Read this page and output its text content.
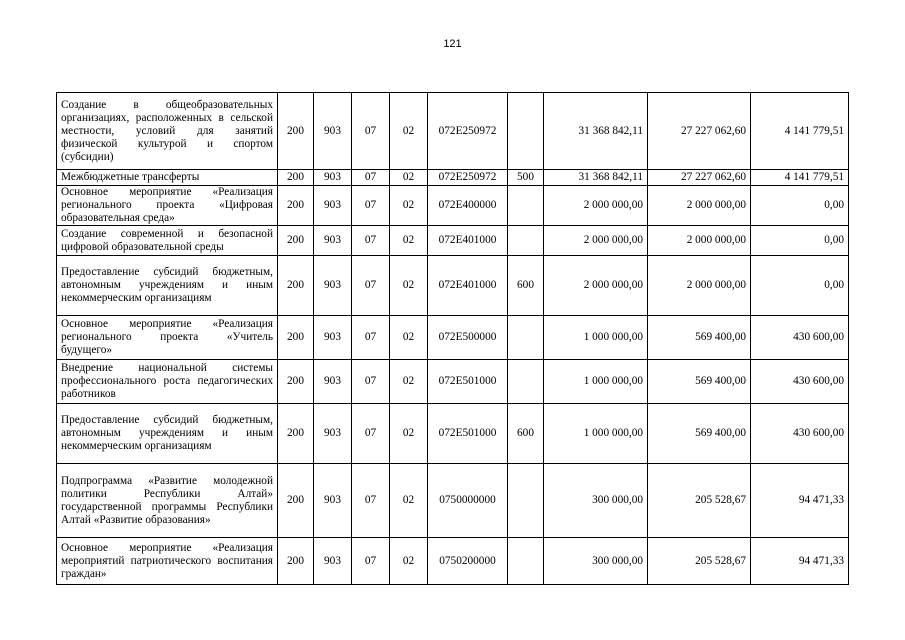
121
Создание в общеобразовательных организациях, расположенных в сельской местности, условий для занятий физической культурой и спортом (субсидии)	200	903	07	02	072E250972		31 368 842,11	27 227 062,60	4 141 779,51
Межбюджетные трансферты	200	903	07	02	072E250972	500	31 368 842,11	27 227 062,60	4 141 779,51
Основное мероприятие «Реализация регионального проекта «Цифровая образовательная среда»	200	903	07	02	072E400000		2 000 000,00	2 000 000,00	0,00
Создание современной и безопасной цифровой образовательной среды	200	903	07	02	072E401000		2 000 000,00	2 000 000,00	0,00
Предоставление субсидий бюджетным, автономным учреждениям и иным некоммерческим организациям	200	903	07	02	072E401000	600	2 000 000,00	2 000 000,00	0,00
Основное мероприятие «Реализация регионального проекта «Учитель будущего»	200	903	07	02	072E500000		1 000 000,00	569 400,00	430 600,00
Внедрение национальной системы профессионального роста педагогических работников	200	903	07	02	072E501000		1 000 000,00	569 400,00	430 600,00
Предоставление субсидий бюджетным, автономным учреждениям и иным некоммерческим организациям	200	903	07	02	072E501000	600	1 000 000,00	569 400,00	430 600,00
Подпрограмма «Развитие молодежной политики Республики Алтай» государственной программы Республики Алтай «Развитие образования»	200	903	07	02	0750000000		300 000,00	205 528,67	94 471,33
Основное мероприятие «Реализация мероприятий патриотического воспитания граждан»	200	903	07	02	0750200000		300 000,00	205 528,67	94 471,33
